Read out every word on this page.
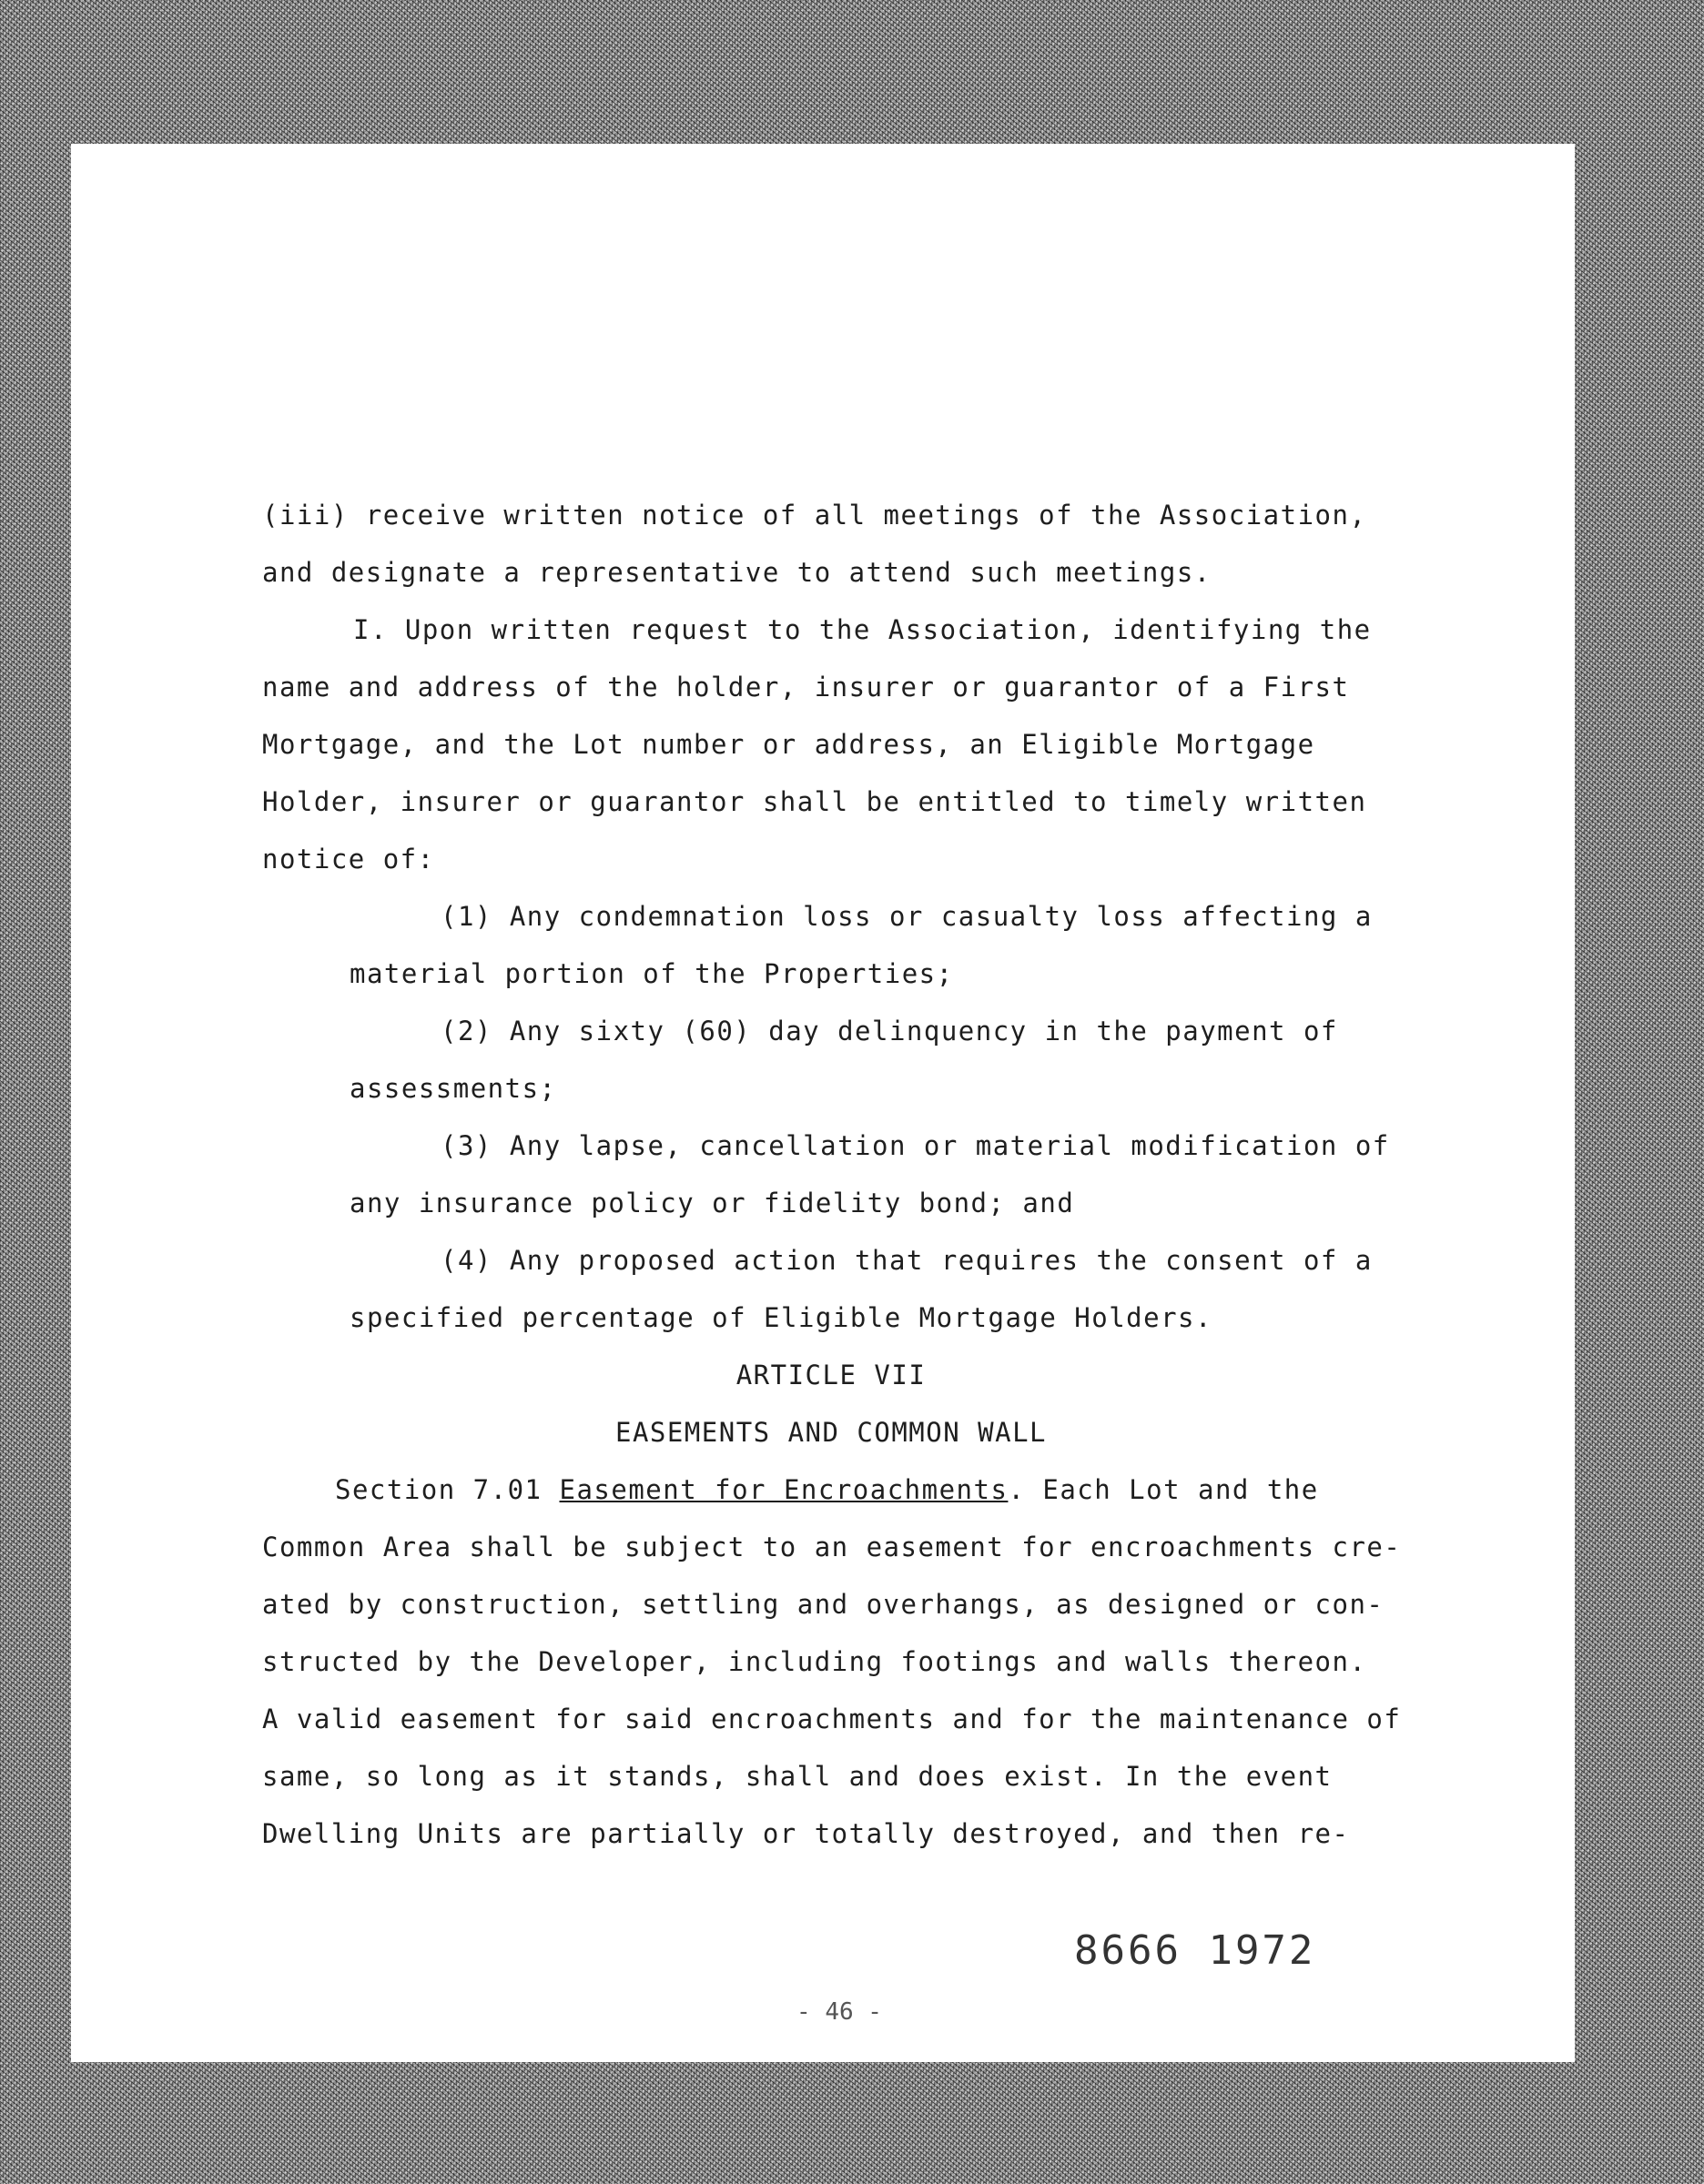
(iii) receive written notice of all meetings of the Association,
and designate a representative to attend such meetings.
I. Upon written request to the Association, identifying the
name and address of the holder, insurer or guarantor of a First
Mortgage, and the Lot number or address, an Eligible Mortgage
Holder, insurer or guarantor shall be entitled to timely written
notice of:
(1) Any condemnation loss or casualty loss affecting a
material portion of the Properties;
(2) Any sixty (60) day delinquency in the payment of
assessments;
(3) Any lapse, cancellation or material modification of
any insurance policy or fidelity bond; and
(4) Any proposed action that requires the consent of a
specified percentage of Eligible Mortgage Holders.
ARTICLE VII
EASEMENTS AND COMMON WALL
Section 7.01 Easement for Encroachments. Each Lot and the
Common Area shall be subject to an easement for encroachments cre-
ated by construction, settling and overhangs, as designed or con-
structed by the Developer, including footings and walls thereon.
A valid easement for said encroachments and for the maintenance of
same, so long as it stands, shall and does exist. In the event
Dwelling Units are partially or totally destroyed, and then re-
8666 1972
- 46 -
